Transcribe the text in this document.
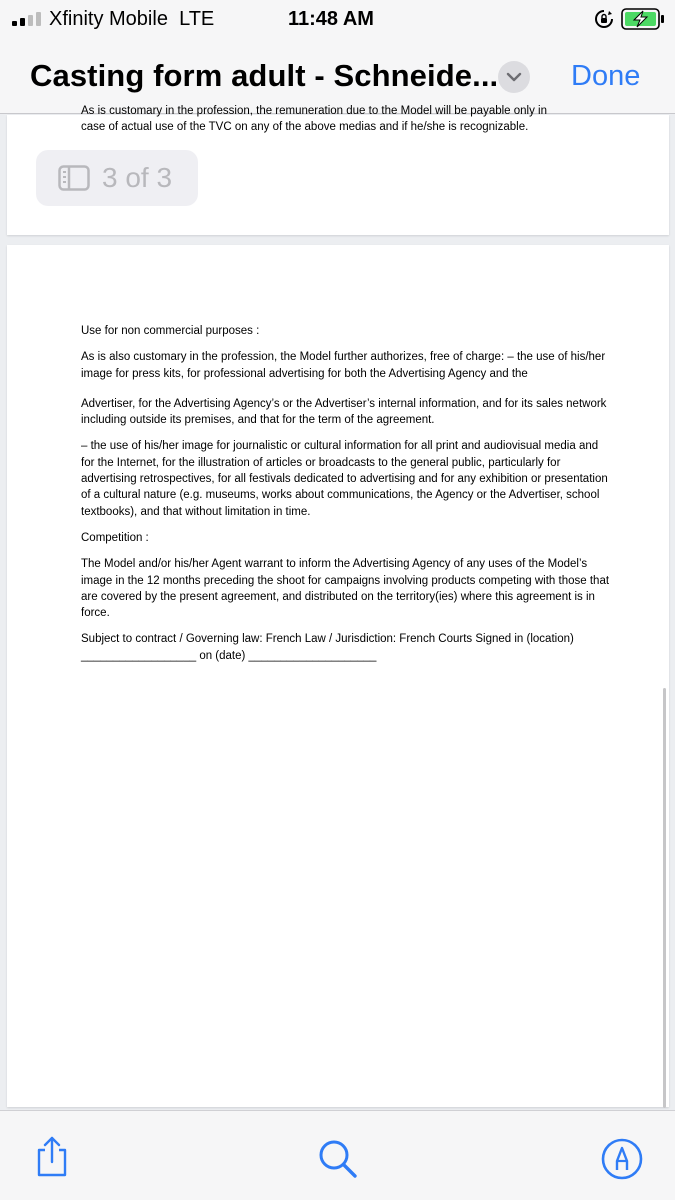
Xfinity Mobile LTE	11:48 AM
Casting form adult - Schneide...	Done
As is customary in the profession, the remuneration due to the Model will be payable only in
case of actual use of the TVC on any of the above medias and if he/she is recognizable.
3 of 3

Use for non commercial purposes :

As is also customary in the profession, the Model further authorizes, free of charge: – the use of his/her image for press kits, for professional advertising for both the Advertising Agency and the

Advertiser, for the Advertising Agency’s or the Advertiser’s internal information, and for its sales network including outside its premises, and that for the term of the agreement.

– the use of his/her image for journalistic or cultural information for all print and audiovisual media and for the Internet, for the illustration of articles or broadcasts to the general public, particularly for advertising retrospectives, for all festivals dedicated to advertising and for any exhibition or presentation of a cultural nature (e.g. museums, works about communications, the Agency or the Advertiser, school textbooks), and that without limitation in time.

Competition :

The Model and/or his/her Agent warrant to inform the Advertising Agency of any uses of the Model’s image in the 12 months preceding the shoot for campaigns involving products competing with those that are covered by the present agreement, and distributed on the territory(ies) where this agreement is in force.

Subject to contract / Governing law: French Law / Jurisdiction: French Courts Signed in (location) __________________ on (date) ____________________
